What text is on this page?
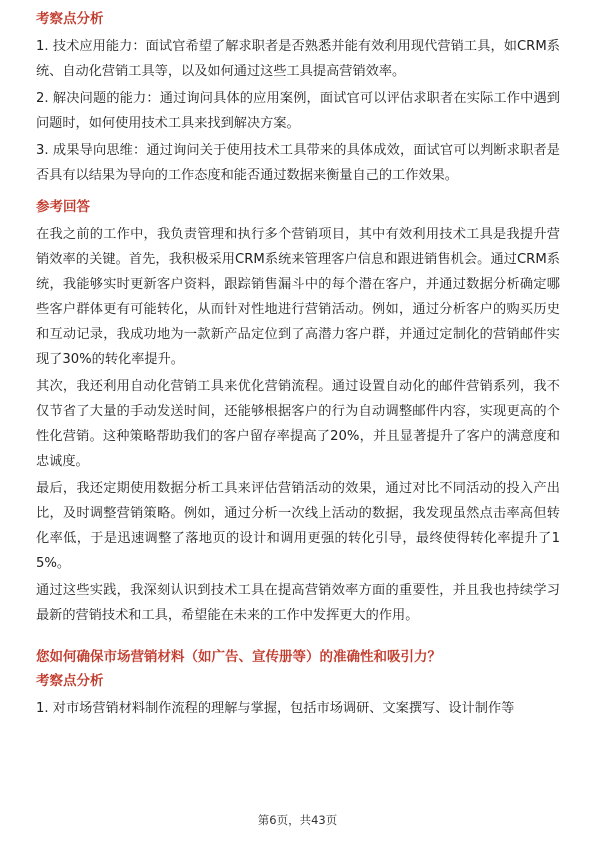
考察点分析

1. 技术应用能力：面试官希望了解求职者是否熟悉并能有效利用现代营销工具，如CRM系统、自动化营销工具等，以及如何通过这些工具提高营销效率。

2. 解决问题的能力：通过询问具体的应用案例，面试官可以评估求职者在实际工作中遇到问题时，如何使用技术工具来找到解决方案。

3. 成果导向思维：通过询问关于使用技术工具带来的具体成效，面试官可以判断求职者是否具有以结果为导向的工作态度和能否通过数据来衡量自己的工作效果。

参考回答

在我之前的工作中，我负责管理和执行多个营销项目，其中有效利用技术工具是我提升营销效率的关键。首先，我积极采用CRM系统来管理客户信息和跟进销售机会。通过CRM系统，我能够实时更新客户资料，跟踪销售漏斗中的每个潜在客户，并通过数据分析确定哪些客户群体更有可能转化，从而针对性地进行营销活动。例如，通过分析客户的购买历史和互动记录，我成功地为一款新产品定位到了高潜力客户群，并通过定制化的营销邮件实现了30%的转化率提升。

其次，我还利用自动化营销工具来优化营销流程。通过设置自动化的邮件营销系列，我不仅节省了大量的手动发送时间，还能够根据客户的行为自动调整邮件内容，实现更高的个性化营销。这种策略帮助我们的客户留存率提高了20%，并且显著提升了客户的满意度和忠诚度。

最后，我还定期使用数据分析工具来评估营销活动的效果，通过对比不同活动的投入产出比，及时调整营销策略。例如，通过分析一次线上活动的数据，我发现虽然点击率高但转化率低，于是迅速调整了落地页的设计和调用更强的转化引导，最终使得转化率提升了15%。

通过这些实践，我深刻认识到技术工具在提高营销效率方面的重要性，并且我也持续学习最新的营销技术和工具，希望能在未来的工作中发挥更大的作用。

您如何确保市场营销材料（如广告、宣传册等）的准确性和吸引力？
考察点分析

1. 对市场营销材料制作流程的理解与掌握，包括市场调研、文案撰写、设计制作等

第6页，共43页
